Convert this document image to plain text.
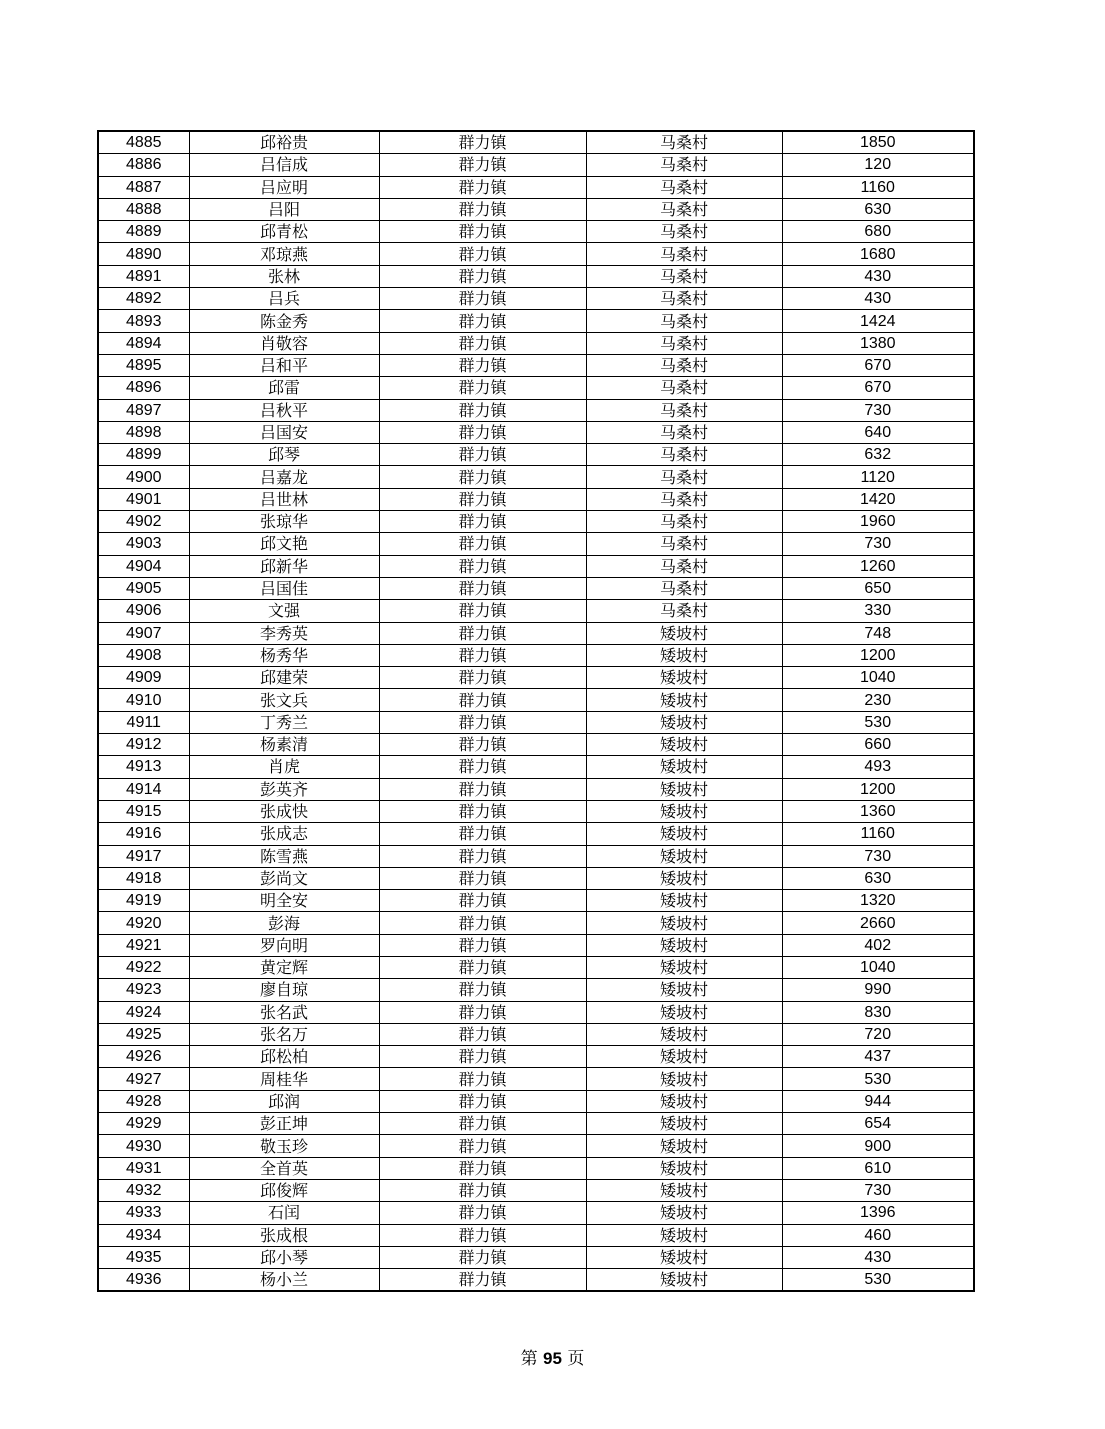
4885	邱裕贵	群力镇	马桑村	1850
4886	吕信成	群力镇	马桑村	120
4887	吕应明	群力镇	马桑村	1160
4888	吕阳	群力镇	马桑村	630
4889	邱青松	群力镇	马桑村	680
4890	邓琼燕	群力镇	马桑村	1680
4891	张林	群力镇	马桑村	430
4892	吕兵	群力镇	马桑村	430
4893	陈金秀	群力镇	马桑村	1424
4894	肖敬容	群力镇	马桑村	1380
4895	吕和平	群力镇	马桑村	670
4896	邱雷	群力镇	马桑村	670
4897	吕秋平	群力镇	马桑村	730
4898	吕国安	群力镇	马桑村	640
4899	邱琴	群力镇	马桑村	632
4900	吕嘉龙	群力镇	马桑村	1120
4901	吕世林	群力镇	马桑村	1420
4902	张琼华	群力镇	马桑村	1960
4903	邱文艳	群力镇	马桑村	730
4904	邱新华	群力镇	马桑村	1260
4905	吕国佳	群力镇	马桑村	650
4906	文强	群力镇	马桑村	330
4907	李秀英	群力镇	矮坡村	748
4908	杨秀华	群力镇	矮坡村	1200
4909	邱建荣	群力镇	矮坡村	1040
4910	张文兵	群力镇	矮坡村	230
4911	丁秀兰	群力镇	矮坡村	530
4912	杨素清	群力镇	矮坡村	660
4913	肖虎	群力镇	矮坡村	493
4914	彭英齐	群力镇	矮坡村	1200
4915	张成快	群力镇	矮坡村	1360
4916	张成志	群力镇	矮坡村	1160
4917	陈雪燕	群力镇	矮坡村	730
4918	彭尚文	群力镇	矮坡村	630
4919	明全安	群力镇	矮坡村	1320
4920	彭海	群力镇	矮坡村	2660
4921	罗向明	群力镇	矮坡村	402
4922	黄定辉	群力镇	矮坡村	1040
4923	廖自琼	群力镇	矮坡村	990
4924	张名武	群力镇	矮坡村	830
4925	张名万	群力镇	矮坡村	720
4926	邱松柏	群力镇	矮坡村	437
4927	周桂华	群力镇	矮坡村	530
4928	邱润	群力镇	矮坡村	944
4929	彭正坤	群力镇	矮坡村	654
4930	敬玉珍	群力镇	矮坡村	900
4931	全首英	群力镇	矮坡村	610
4932	邱俊辉	群力镇	矮坡村	730
4933	石闰	群力镇	矮坡村	1396
4934	张成根	群力镇	矮坡村	460
4935	邱小琴	群力镇	矮坡村	430
4936	杨小兰	群力镇	矮坡村	530
第 95 页
